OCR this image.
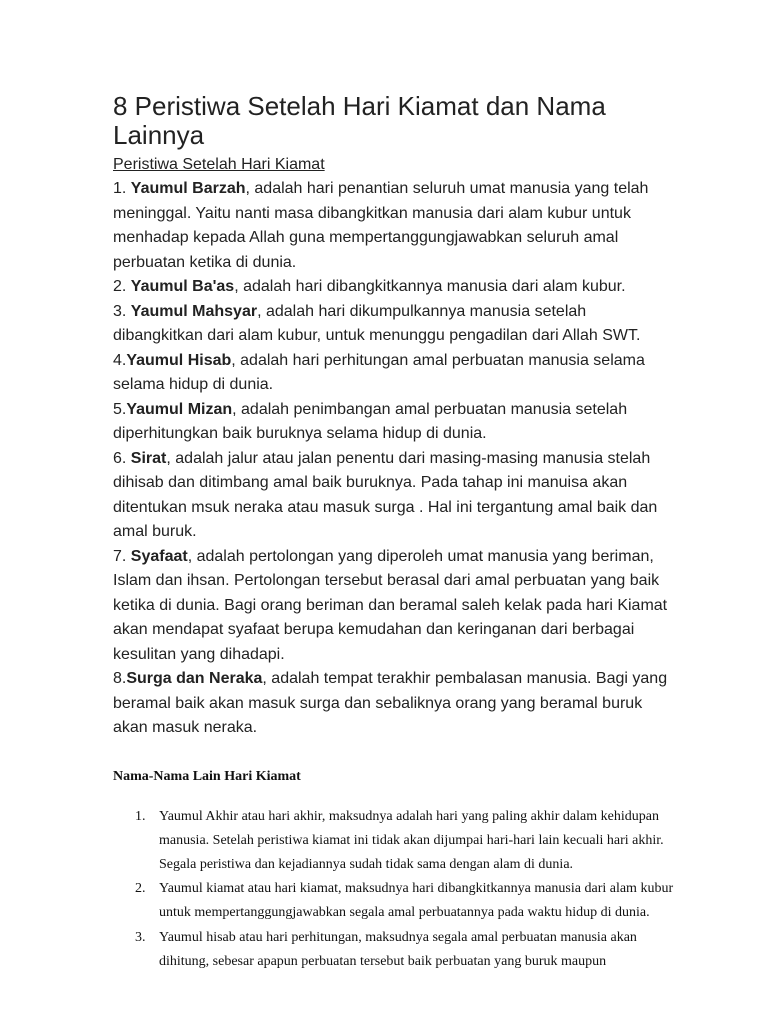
8 Peristiwa Setelah Hari Kiamat dan Nama Lainnya
Peristiwa Setelah Hari Kiamat
1. Yaumul Barzah, adalah hari penantian seluruh umat manusia yang telah meninggal. Yaitu nanti masa dibangkitkan manusia dari alam kubur untuk menhadap kepada Allah guna mempertanggungjawabkan seluruh amal perbuatan ketika di dunia.
2. Yaumul Ba'as, adalah hari dibangkitkannya manusia dari alam kubur.
3. Yaumul Mahsyar, adalah hari dikumpulkannya manusia setelah dibangkitkan dari alam kubur, untuk menunggu pengadilan dari Allah SWT.
4.Yaumul Hisab, adalah hari perhitungan amal perbuatan manusia selama selama hidup di dunia.
5.Yaumul Mizan, adalah penimbangan amal perbuatan manusia setelah diperhitungkan baik buruknya selama hidup di dunia.
6. Sirat, adalah jalur atau jalan penentu dari masing-masing manusia stelah dihisab dan ditimbang amal baik buruknya. Pada tahap ini manuisa akan ditentukan msuk neraka atau masuk surga . Hal ini tergantung amal baik dan amal buruk.
7. Syafaat, adalah pertolongan yang diperoleh umat manusia yang beriman, Islam dan ihsan. Pertolongan tersebut berasal dari amal perbuatan yang baik ketika di dunia. Bagi orang beriman dan beramal saleh kelak pada hari Kiamat akan mendapat syafaat berupa kemudahan dan keringanan dari berbagai kesulitan yang dihadapi.
8.Surga dan Neraka, adalah tempat terakhir pembalasan manusia. Bagi yang beramal baik akan masuk surga dan sebaliknya orang yang beramal buruk akan masuk neraka.
Nama-Nama Lain Hari Kiamat
1. Yaumul Akhir atau hari akhir, maksudnya adalah hari yang paling akhir dalam kehidupan manusia. Setelah peristiwa kiamat ini tidak akan dijumpai hari-hari lain kecuali hari akhir. Segala peristiwa dan kejadiannya sudah tidak sama dengan alam di dunia.
2. Yaumul kiamat atau hari kiamat, maksudnya hari dibangkitkannya manusia dari alam kubur untuk mempertanggungjawabkan segala amal perbuatannya pada waktu hidup di dunia.
3. Yaumul hisab atau hari perhitungan, maksudnya segala amal perbuatan manusia akan dihitung, sebesar apapun perbuatan tersebut baik perbuatan yang buruk maupun
